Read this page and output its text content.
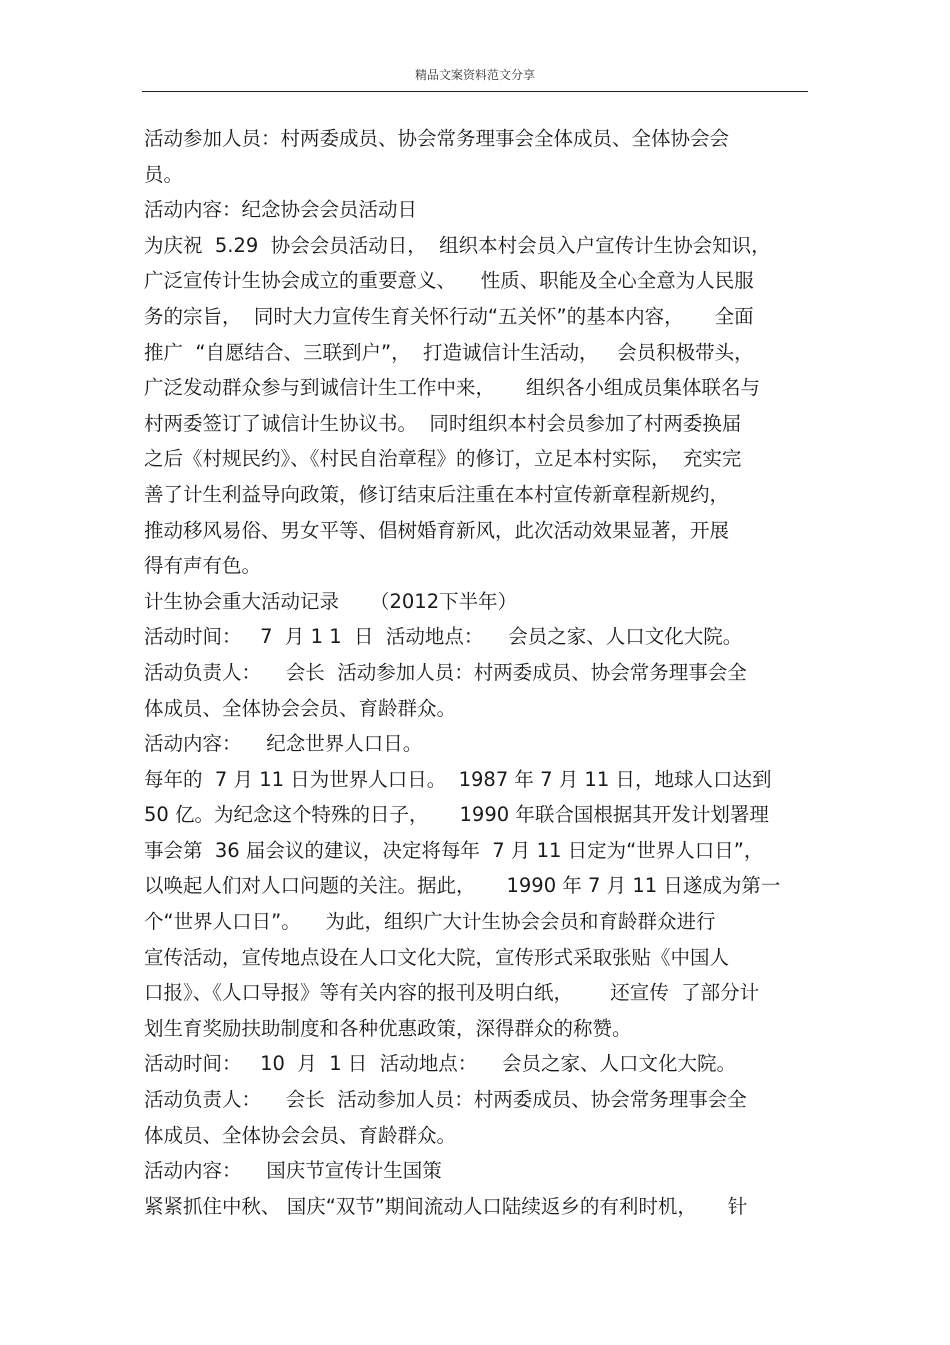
精品文案资料范文分享
活动参加人员：村两委成员、协会常务理事会全体成员、全体协会会
员。
活动内容：纪念协会会员活动日
为庆祝  5.29  协会会员活动日，  组织本村会员入户宣传计生协会知识，
广泛宣传计生协会成立的重要意义、    性质、职能及全心全意为人民服
务的宗旨，  同时大力宣传生育关怀行动“五关怀”的基本内容，     全面
推广  “自愿结合、三联到户”，  打造诚信计生活动，   会员积极带头，
广泛发动群众参与到诚信计生工作中来，     组织各小组成员集体联名与
村两委签订了诚信计生协议书。  同时组织本村会员参加了村两委换届
之后《村规民约》、《村民自治章程》的修订，立足本村实际，  充实完
善了计生利益导向政策，修订结束后注重在本村宣传新章程新规约，
推动移风易俗、男女平等、倡树婚育新风，此次活动效果显著，开展
得有声有色。
计生协会重大活动记录     （2012下半年）
活动时间：   7  月 1 1  日  活动地点：    会员之家、人口文化大院。
活动负责人：    会长  活动参加人员：村两委成员、协会常务理事会全
体成员、全体协会会员、育龄群众。
活动内容：    纪念世界人口日。
每年的  7 月 11 日为世界人口日。  1987 年 7 月 11 日，地球人口达到
50 亿。为纪念这个特殊的日子，     1990 年联合国根据其开发计划署理
事会第  36 届会议的建议，决定将每年  7 月 11 日定为“世界人口日”，
以唤起人们对人口问题的关注。据此，     1990 年 7 月 11 日遂成为第一
个“世界人口日”。    为此，组织广大计生协会会员和育龄群众进行
宣传活动，宣传地点设在人口文化大院，宣传形式采取张贴《中国人
口报》、《人口导报》等有关内容的报刊及明白纸，      还宣传  了部分计
划生育奖励扶助制度和各种优惠政策，深得群众的称赞。
活动时间：   10  月  1 日  活动地点：    会员之家、人口文化大院。
活动负责人：    会长  活动参加人员：村两委成员、协会常务理事会全
体成员、全体协会会员、育龄群众。
活动内容：    国庆节宣传计生国策
紧紧抓住中秋、 国庆“双节”期间流动人口陆续返乡的有利时机，     针
